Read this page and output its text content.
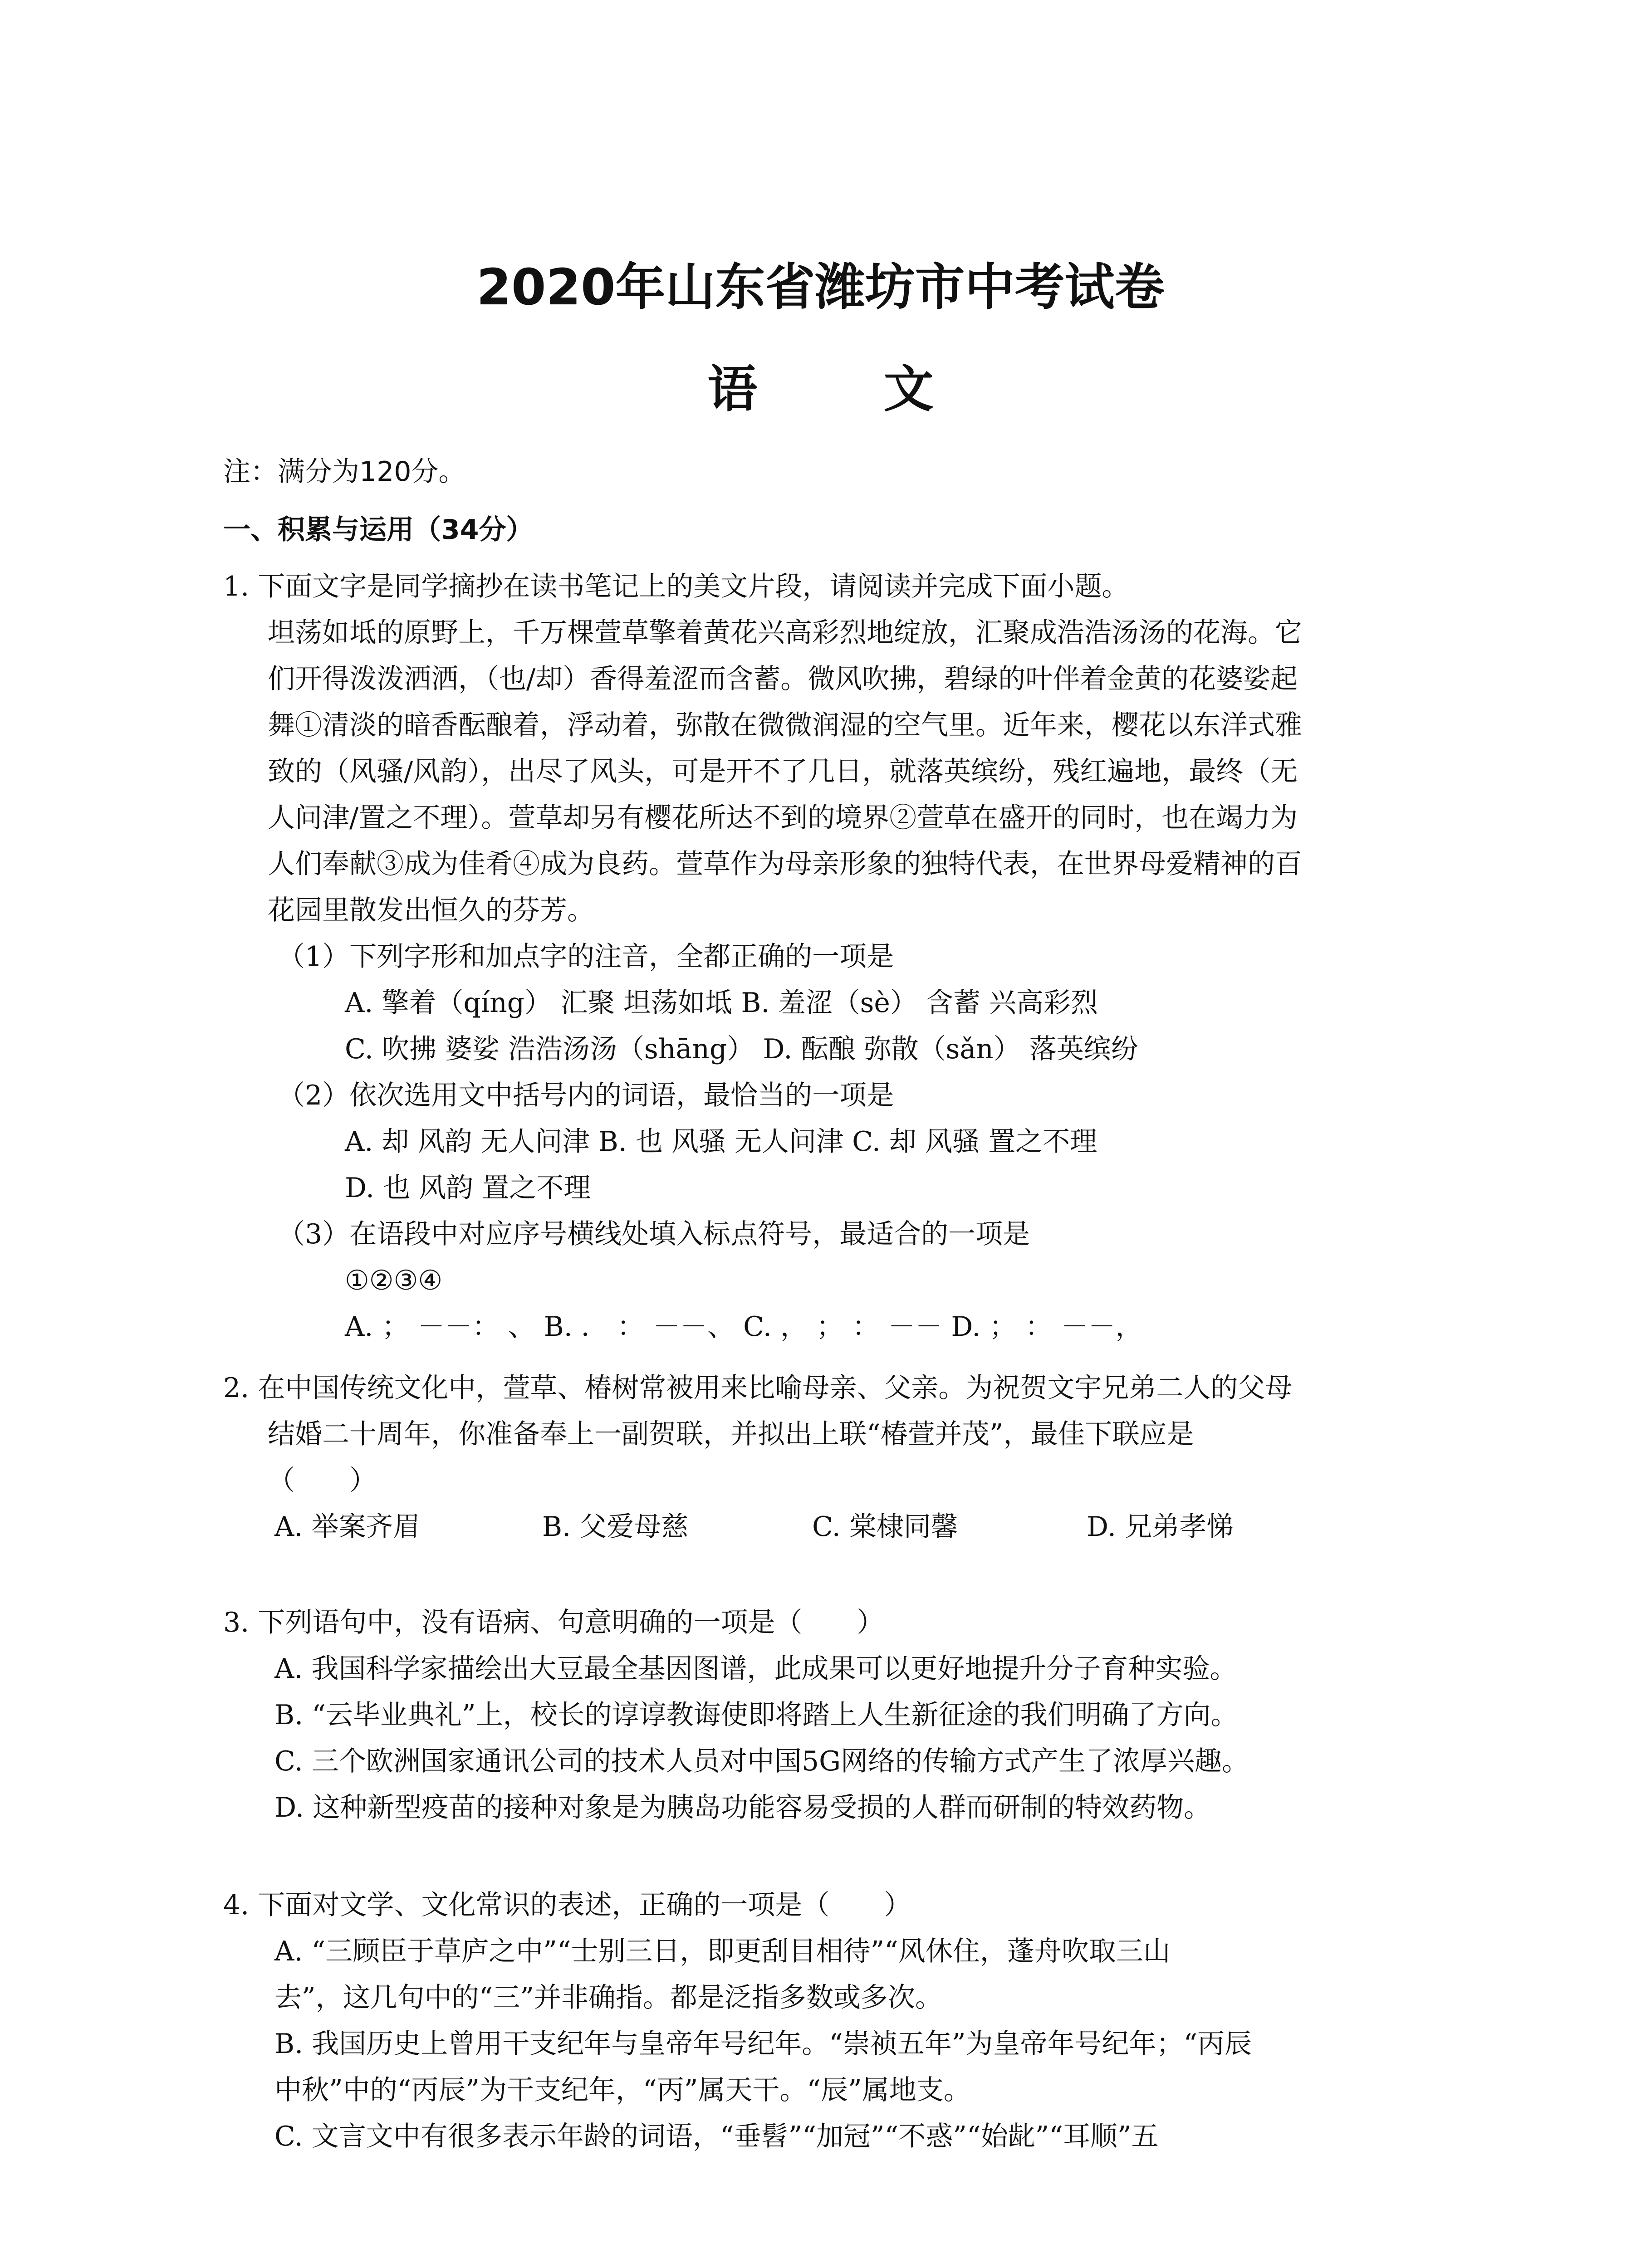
2020年山东省潍坊市中考试卷
语 文
注：满分为120分。
一、积累与运用（34分）
1. 下面文字是同学摘抄在读书笔记上的美文片段，请阅读并完成下面小题。
坦荡如坻的原野上，千万棵萱草擎着黄花兴高彩烈地绽放，汇聚成浩浩汤汤的花海。它
们开得泼泼洒洒，（也/却）香得羞涩而含蓄。微风吹拂，碧绿的叶伴着金黄的花婆娑起
舞①清淡的暗香酝酿着，浮动着，弥散在微微润湿的空气里。近年来，樱花以东洋式雅
致的（风骚/风韵），出尽了风头，可是开不了几日，就落英缤纷，残红遍地，最终（无
人问津/置之不理）。萱草却另有樱花所达不到的境界②萱草在盛开的同时，也在竭力为
人们奉献③成为佳肴④成为良药。萱草作为母亲形象的独特代表，在世界母爱精神的百
花园里散发出恒久的芬芳。
（1）下列字形和加点字的注音，全都正确的一项是
A. 擎着（qíng） 汇聚 坦荡如坻 B. 羞涩（sè） 含蓄 兴高彩烈
C. 吹拂 婆娑 浩浩汤汤（shāng） D. 酝酿 弥散（sǎn） 落英缤纷
（2）依次选用文中括号内的词语，最恰当的一项是
A. 却 风韵 无人问津 B. 也 风骚 无人问津 C. 却 风骚 置之不理
D. 也 风韵 置之不理
（3）在语段中对应序号横线处填入标点符号，最适合的一项是
①②③④
A. ； －－： 、 B. ． ： －－、 C. ， ； ： －－ D. ； ： －－，
2. 在中国传统文化中，萱草、椿树常被用来比喻母亲、父亲。为祝贺文宇兄弟二人的父母
结婚二十周年，你准备奉上一副贺联，并拟出上联“椿萱并茂”，最佳下联应是
（　　）
A. 举案齐眉	B. 父爱母慈	C. 棠棣同馨	D. 兄弟孝悌
3. 下列语句中，没有语病、句意明确的一项是（　　）
A. 我国科学家描绘出大豆最全基因图谱，此成果可以更好地提升分子育种实验。
B. “云毕业典礼”上，校长的谆谆教诲使即将踏上人生新征途的我们明确了方向。
C. 三个欧洲国家通讯公司的技术人员对中国5G网络的传输方式产生了浓厚兴趣。
D. 这种新型疫苗的接种对象是为胰岛功能容易受损的人群而研制的特效药物。
4. 下面对文学、文化常识的表述，正确的一项是（　　）
A. “三顾臣于草庐之中”“士别三日，即更刮目相待”“风休住，蓬舟吹取三山
去”，这几句中的“三”并非确指。都是泛指多数或多次。
B. 我国历史上曾用干支纪年与皇帝年号纪年。“崇祯五年”为皇帝年号纪年；“丙辰
中秋”中的“丙辰”为干支纪年，“丙”属天干。“辰”属地支。
C. 文言文中有很多表示年龄的词语，“垂髫”“加冠”“不惑”“始龀”“耳顺”五
